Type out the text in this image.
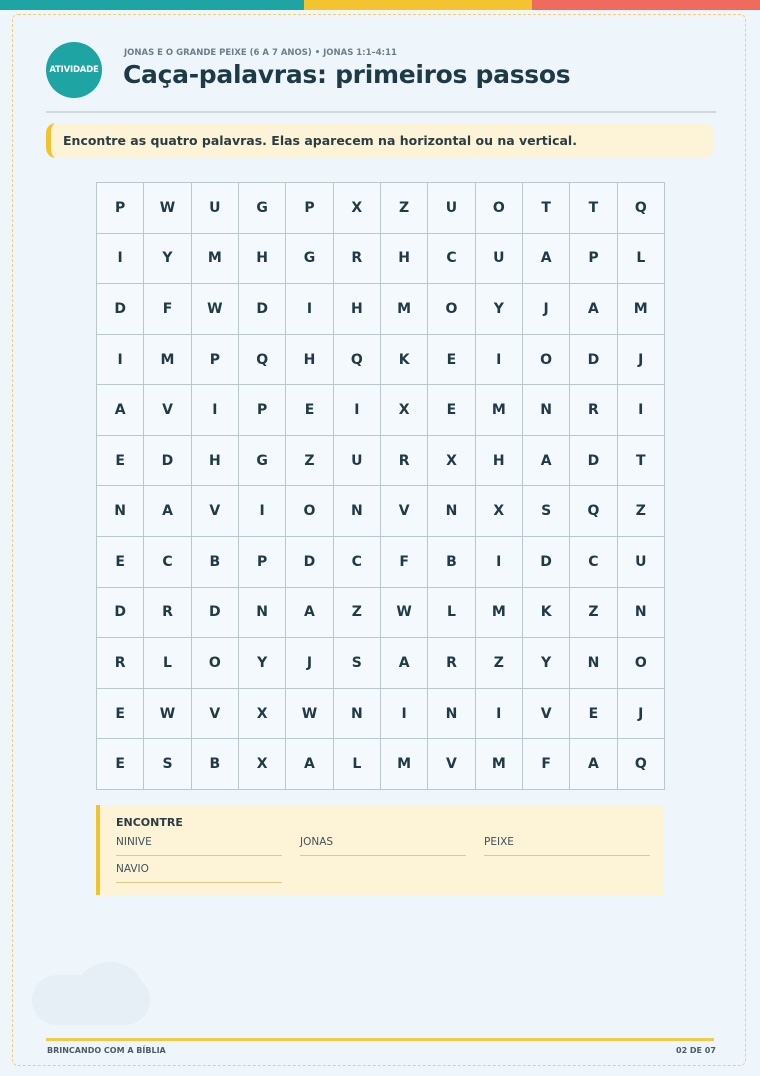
ATIVIDADE
JONAS E O GRANDE PEIXE (6 A 7 ANOS) • JONAS 1:1–4:11
Caça-palavras: primeiros passos
Encontre as quatro palavras. Elas aparecem na horizontal ou na vertical.
P	W	U	G	P	X	Z	U	O	T	T	Q
I	Y	M	H	G	R	H	C	U	A	P	L
D	F	W	D	I	H	M	O	Y	J	A	M
I	M	P	Q	H	Q	K	E	I	O	D	J
A	V	I	P	E	I	X	E	M	N	R	I
E	D	H	G	Z	U	R	X	H	A	D	T
N	A	V	I	O	N	V	N	X	S	Q	Z
E	C	B	P	D	C	F	B	I	D	C	U
D	R	D	N	A	Z	W	L	M	K	Z	N
R	L	O	Y	J	S	A	R	Z	Y	N	O
E	W	V	X	W	N	I	N	I	V	E	J
E	S	B	X	A	L	M	V	M	F	A	Q
ENCONTRE
NINIVE	JONAS	PEIXE
NAVIO
BRINCANDO COM A BÍBLIA	02 DE 07
